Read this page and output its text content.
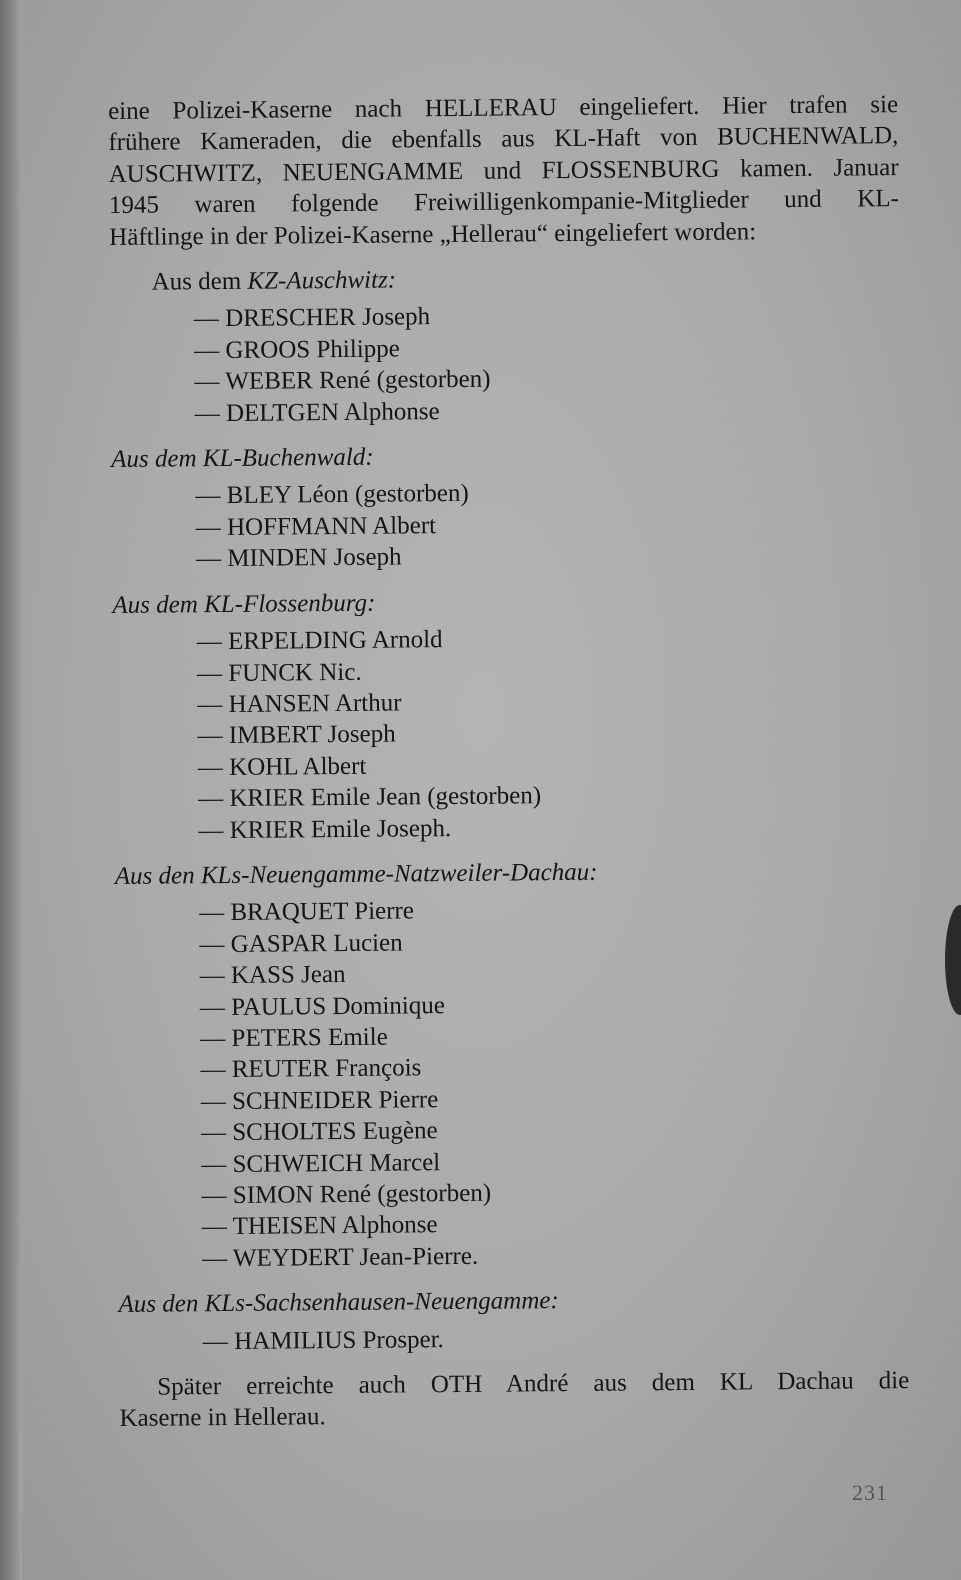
eine Polizei-Kaserne nach HELLERAU eingeliefert. Hier trafen sie
frühere Kameraden, die ebenfalls aus KL-Haft von BUCHENWALD,
AUSCHWITZ, NEUENGAMME und FLOSSENBURG kamen. Januar
1945 waren folgende Freiwilligenkompanie-Mitglieder und KL-
Häftlinge in der Polizei-Kaserne „Hellerau“ eingeliefert worden:
Aus dem KZ-Auschwitz:
— DRESCHER Joseph
— GROOS Philippe
— WEBER René (gestorben)
— DELTGEN Alphonse
Aus dem KL-Buchenwald:
— BLEY Léon (gestorben)
— HOFFMANN Albert
— MINDEN Joseph
Aus dem KL-Flossenburg:
— ERPELDING Arnold
— FUNCK Nic.
— HANSEN Arthur
— IMBERT Joseph
— KOHL Albert
— KRIER Emile Jean (gestorben)
— KRIER Emile Joseph.
Aus den KLs-Neuengamme-Natzweiler-Dachau:
— BRAQUET Pierre
— GASPAR Lucien
— KASS Jean
— PAULUS Dominique
— PETERS Emile
— REUTER François
— SCHNEIDER Pierre
— SCHOLTES Eugène
— SCHWEICH Marcel
— SIMON René (gestorben)
— THEISEN Alphonse
— WEYDERT Jean-Pierre.
Aus den KLs-Sachsenhausen-Neuengamme:
— HAMILIUS Prosper.
Später erreichte auch OTH André aus dem KL Dachau die
Kaserne in Hellerau.
231
